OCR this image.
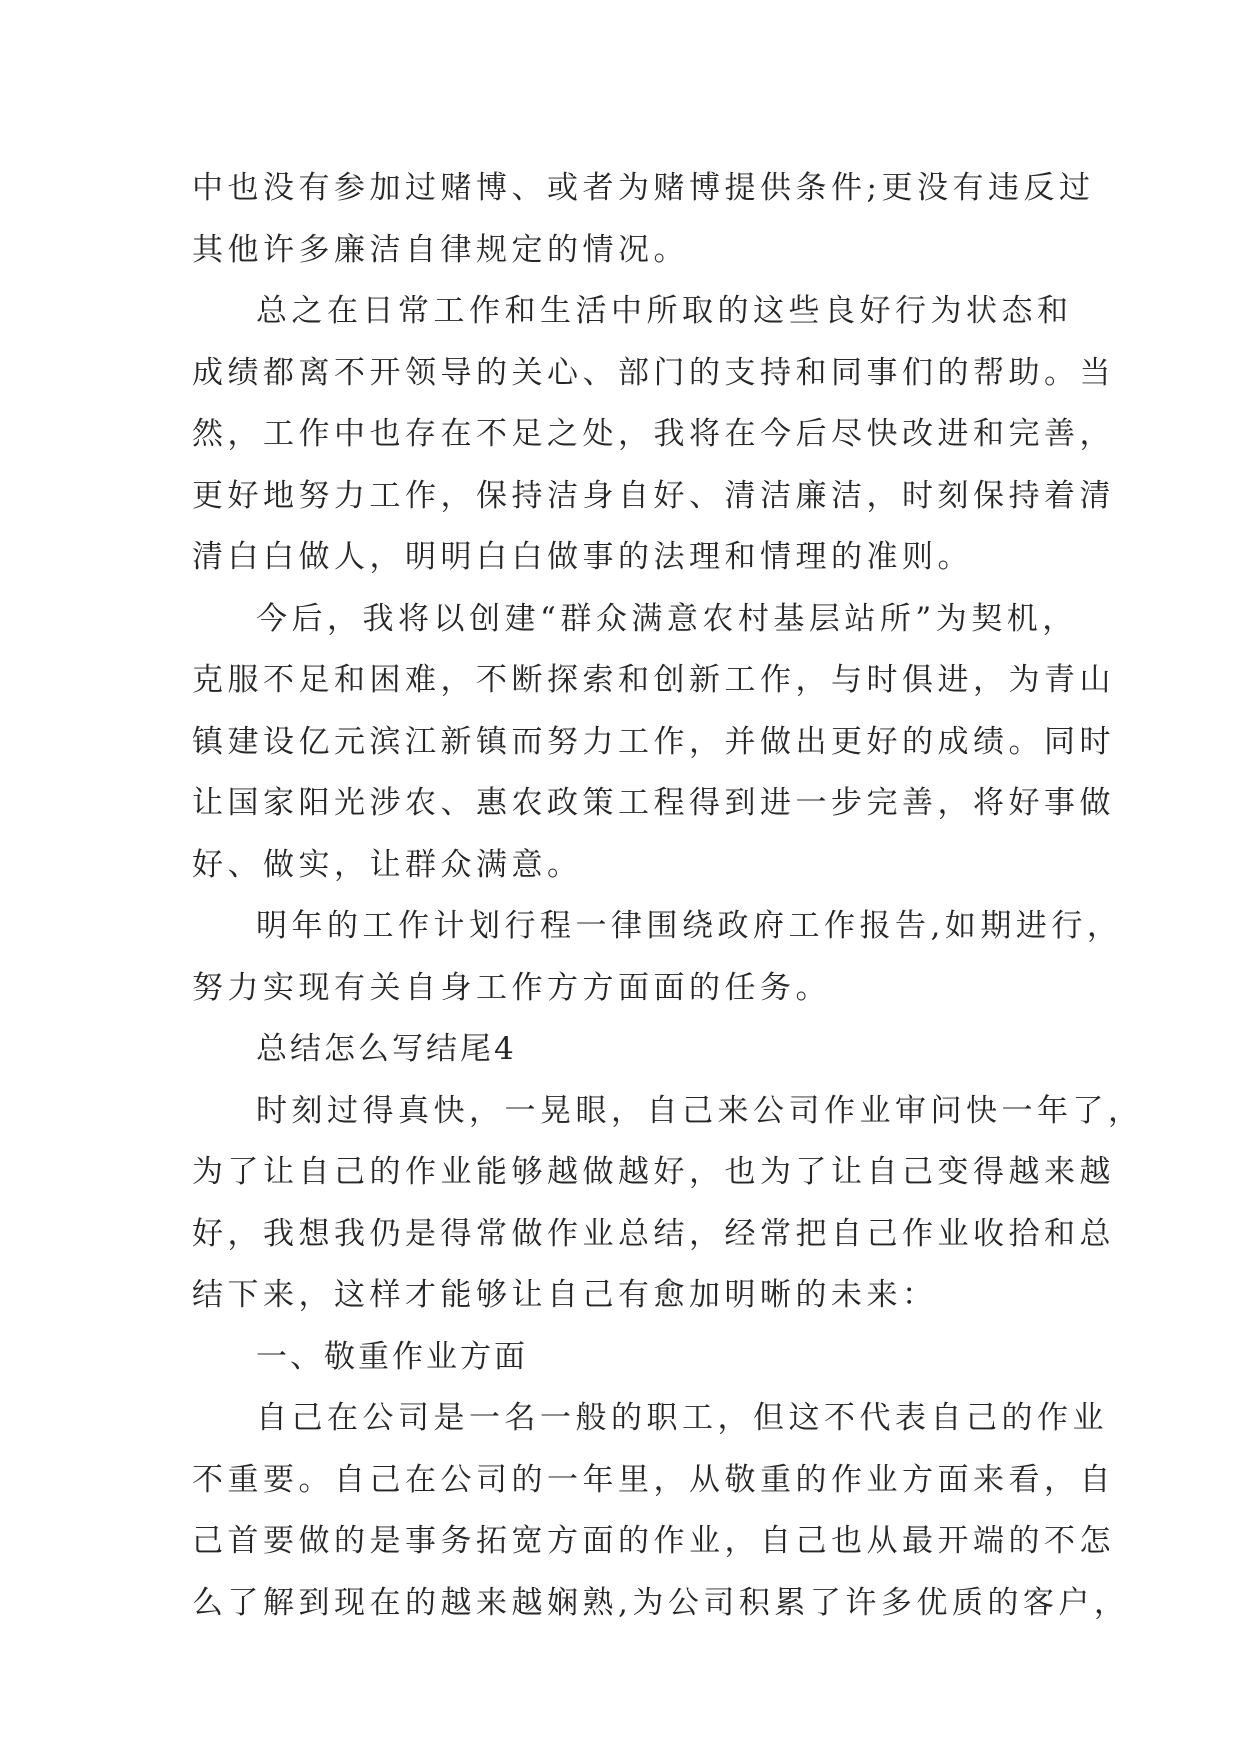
中也没有参加过赌博、或者为赌博提供条件;更没有违反过
其他许多廉洁自律规定的情况。
总之在日常工作和生活中所取的这些良好行为状态和
成绩都离不开领导的关心、部门的支持和同事们的帮助。当
然，工作中也存在不足之处，我将在今后尽快改进和完善，
更好地努力工作，保持洁身自好、清洁廉洁，时刻保持着清
清白白做人，明明白白做事的法理和情理的准则。
今后，我将以创建“群众满意农村基层站所”为契机，
克服不足和困难，不断探索和创新工作，与时俱进，为青山
镇建设亿元滨江新镇而努力工作，并做出更好的成绩。同时
让国家阳光涉农、惠农政策工程得到进一步完善，将好事做
好、做实，让群众满意。
明年的工作计划行程一律围绕政府工作报告,如期进行，
努力实现有关自身工作方方面面的任务。
总结怎么写结尾4
时刻过得真快，一晃眼，自己来公司作业审问快一年了，
为了让自己的作业能够越做越好，也为了让自己变得越来越
好，我想我仍是得常做作业总结，经常把自己作业收拾和总
结下来，这样才能够让自己有愈加明晰的未来：
一、敬重作业方面
自己在公司是一名一般的职工，但这不代表自己的作业
不重要。自己在公司的一年里，从敬重的作业方面来看，自
己首要做的是事务拓宽方面的作业，自己也从最开端的不怎
么了解到现在的越来越娴熟,为公司积累了许多优质的客户，
